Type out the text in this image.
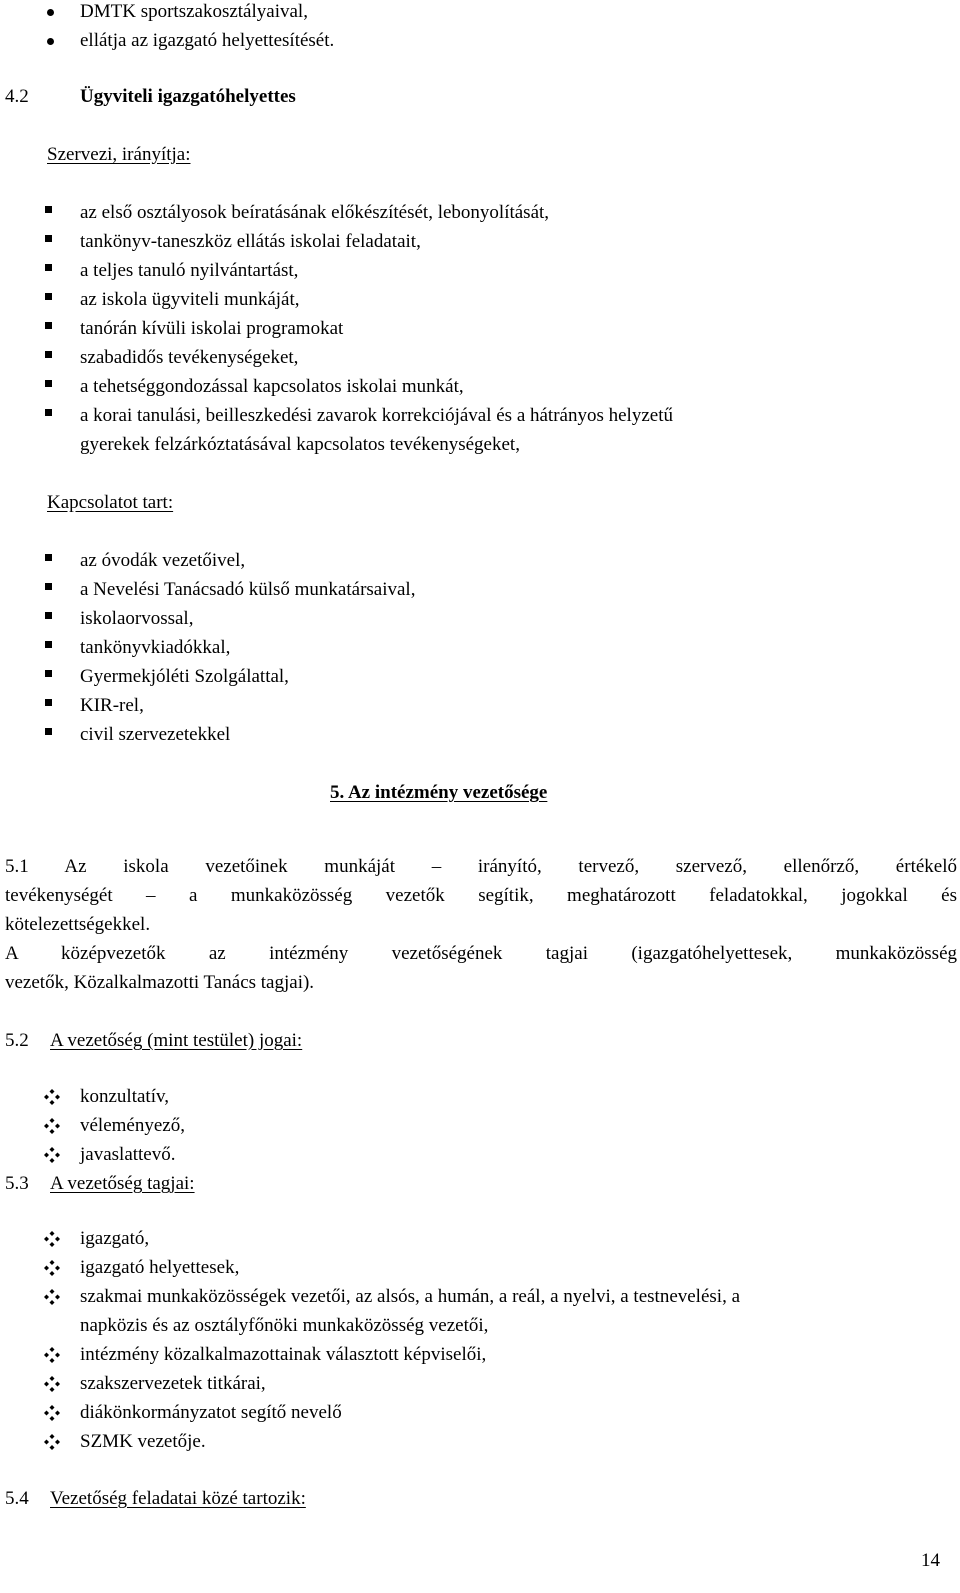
DMTK sportszakosztályaival,
ellátja az igazgató helyettesítését.
4.2	Ügyviteli igazgatóhelyettes
Szervezi, irányítja:
az első osztályosok beíratásának előkészítését, lebonyolítását,
tankönyv-taneszköz ellátás iskolai feladatait,
a teljes tanuló nyilvántartást,
az iskola ügyviteli munkáját,
tanórán kívüli iskolai programokat
szabadidős tevékenységeket,
a tehetséggondozással kapcsolatos iskolai munkát,
a korai tanulási, beilleszkedési zavarok korrekciójával és a hátrányos helyzetű
gyerekek felzárkóztatásával kapcsolatos tevékenységeket,
Kapcsolatot tart:
az óvodák vezetőivel,
a Nevelési Tanácsadó külső munkatársaival,
iskolaorvossal,
tankönyvkiadókkal,
Gyermekjóléti Szolgálattal,
KIR-rel,
civil szervezetekkel
5. Az intézmény vezetősége
5.1 Az iskola vezetőinek munkáját – irányító, tervező, szervező, ellenőrző, értékelő
tevékenységét – a munkaközösség vezetők segítik, meghatározott feladatokkal, jogokkal és
kötelezettségekkel.
A középvezetők az intézmény vezetőségének tagjai (igazgatóhelyettesek, munkaközösség
vezetők, Közalkalmazotti Tanács tagjai).
5.2 A vezetőség (mint testület) jogai:
konzultatív,
véleményező,
javaslattevő.
5.3 A vezetőség tagjai:
igazgató,
igazgató helyettesek,
szakmai munkaközösségek vezetői, az alsós, a humán, a reál, a nyelvi, a testnevelési, a
napközis és az osztályfőnöki munkaközösség vezetői,
intézmény közalkalmazottainak választott képviselői,
szakszervezetek titkárai,
diákönkormányzatot segítő nevelő
SZMK vezetője.
5.4 Vezetőség feladatai közé tartozik:
14
